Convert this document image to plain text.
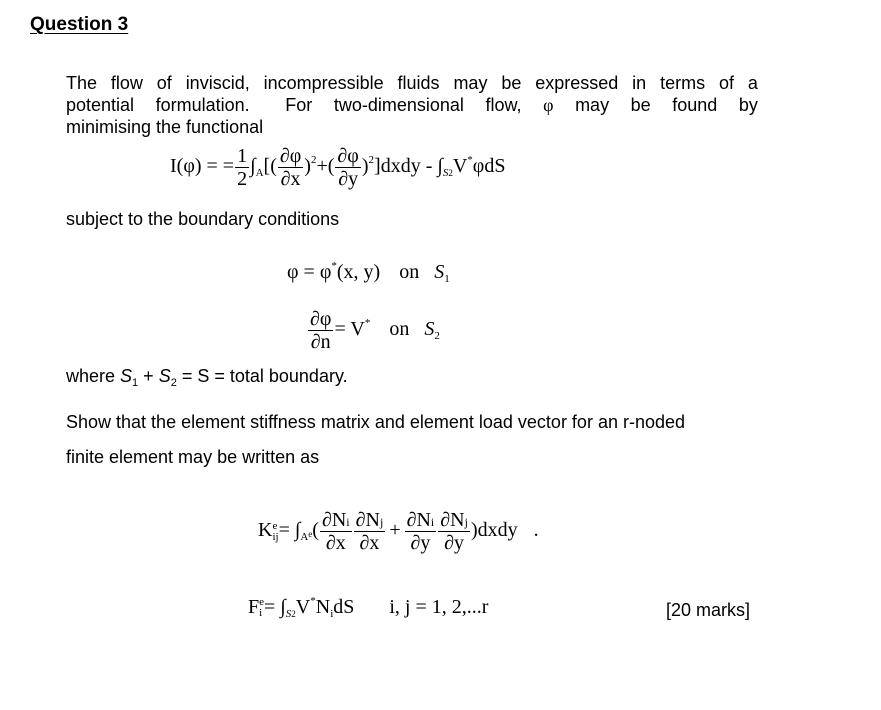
Question 3
The flow of inviscid, incompressible fluids may be expressed in terms of a
potential formulation. For two-dimensional flow, φ may be found by
minimising the functional
I(φ) = = $\frac{1}{2} \int_A[( \frac{\partial\varphi}{\partial x} )^2+( \frac{\partial\varphi}{\partial y}$ )$^2]dxdy - \int_{S2}V^*\varphi dS$
subject to the boundary conditions
φ = φ*(x, y) on $S_1$
$\frac{\partial\varphi}{\partial n} = V^*$ on $S_2$
where $S_1 + S_2 = S$ = total boundary.
Show that the element stiffness matrix and element load vector for an r-noded
finite element may be written as
K e
ij = $\int_Ae( \frac{\partial Ni}{\partial x} \frac{\partial Nj}{\partial x} + \frac{\partial Ni}{\partial y} \frac{\partial Nj}{\partial y}$ )dxdy .
F e
$i = \int_{S2}V^*N_idS$ i, j = 1, 2,...r	[20 marks]
